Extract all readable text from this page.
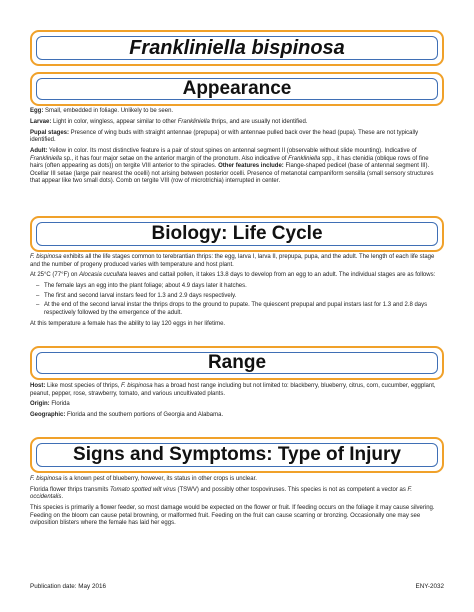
Frankliniella bispinosa
Appearance

Egg: Small, embedded in foliage. Unlikely to be seen.

Larvae: Light in color, wingless, appear similar to other Frankliniella thrips, and are usually not identified.

Pupal stages: Presence of wing buds with straight antennae (prepupa) or with antennae pulled back over the head (pupa). These are not typically identified.

Adult: Yellow in color. Its most distinctive feature is a pair of stout spines on antennal segment II (observable without slide mounting). Indicative of Frankliniella sp., it has four major setae on the anterior margin of the pronotum. Also indicative of Frankliniella spp., it has ctenidia (oblique rows of fine hairs (often appearing as dots)) on tergite VIII anterior to the spiracles. Other features include: Flange-shaped pedicel (base of antennal segment III). Ocellar III setae (large pair nearest the ocelli) not arising between posterior ocelli. Presence of metanotal campaniform sensilla (small sensory structures that appear like two small dots). Comb on tergite VIII (row of microtrichia) interrupted in center.

Biology: Life Cycle

F. bispinosa exhibits all the life stages common to terebrantian thrips: the egg, larva I, larva II, prepupa, pupa, and the adult. The length of each life stage and the number of progeny produced varies with temperature and host plant.

At 25°C (77°F) on Alocasia cucullata leaves and cattail pollen, it takes 13.8 days to develop from an egg to an adult. The individual stages are as follows:

– The female lays an egg into the plant foliage; about 4.9 days later it hatches.
– The first and second larval instars feed for 1.3 and 2.9 days respectively.
– At the end of the second larval instar the thrips drops to the ground to pupate. The quiescent prepupal and pupal instars last for 1.3 and 2.8 days respectively followed by the emergence of the adult.

At this temperature a female has the ability to lay 120 eggs in her lifetime.

Range

Host: Like most species of thrips, F. bispinosa has a broad host range including but not limited to: blackberry, blueberry, citrus, corn, cucumber, eggplant, peanut, pepper, rose, strawberry, tomato, and various uncultivated plants.

Origin: Florida

Geographic: Florida and the southern portions of Georgia and Alabama.

Signs and Symptoms: Type of Injury

F. bispinosa is a known pest of blueberry, however, its status in other crops is unclear.

Florida flower thrips transmits Tomato spotted wilt virus (TSWV) and possibly other tospoviruses. This species is not as competent a vector as F. occidentalis.

This species is primarily a flower feeder, so most damage would be expected on the flower or fruit. If feeding occurs on the foliage it may cause silvering. Feeding on the bloom can cause petal browning, or malformed fruit. Feeding on the fruit can cause scarring or bronzing. Occasionally one may see oviposition blisters where the female has laid her eggs.

Publication date: May 2016	ENY-2032
